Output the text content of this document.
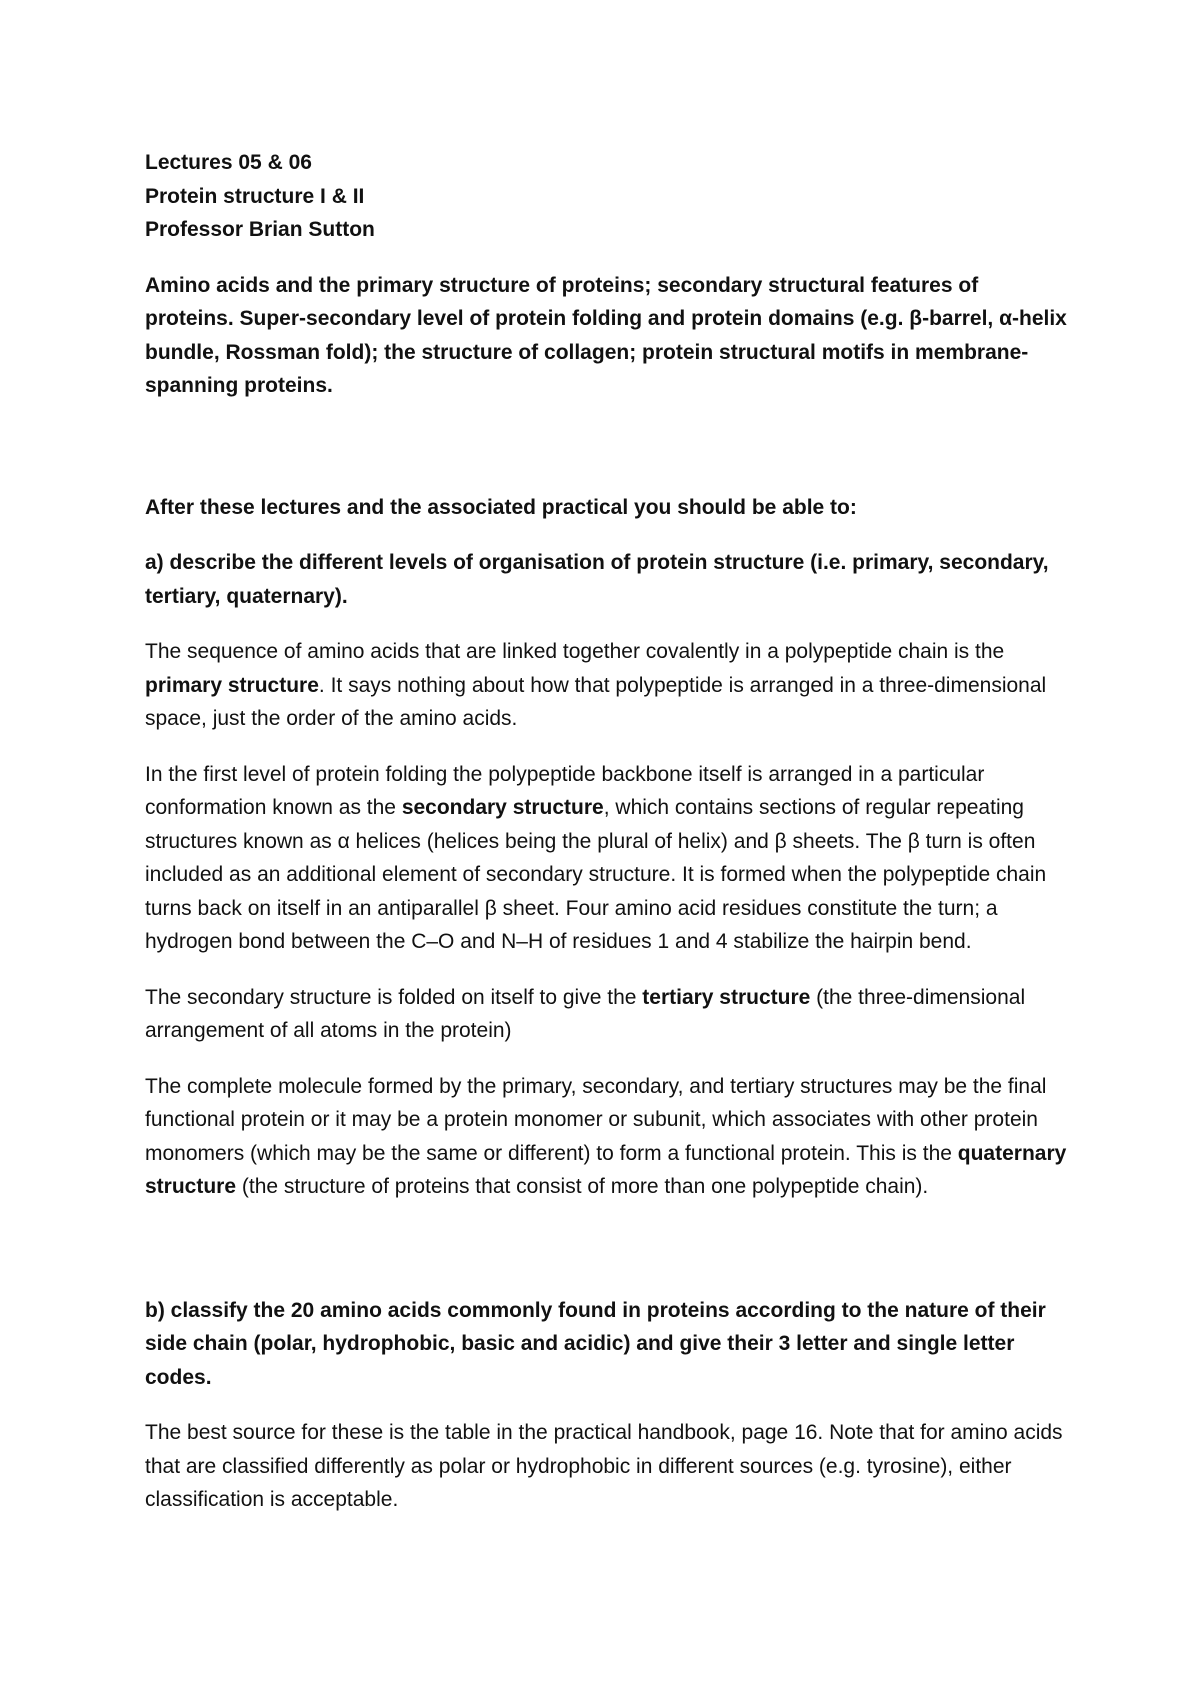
Lectures 05 & 06

Protein structure I & II

Professor Brian Sutton

Amino acids and the primary structure of proteins; secondary structural features of proteins. Super-secondary level of protein folding and protein domains (e.g. β-barrel, α-helix bundle, Rossman fold); the structure of collagen; protein structural motifs in membrane-spanning proteins.

After these lectures and the associated practical you should be able to:

a) describe the different levels of organisation of protein structure (i.e. primary, secondary, tertiary, quaternary).

The sequence of amino acids that are linked together covalently in a polypeptide chain is the primary structure. It says nothing about how that polypeptide is arranged in a three-dimensional space, just the order of the amino acids.

In the first level of protein folding the polypeptide backbone itself is arranged in a particular conformation known as the secondary structure, which contains sections of regular repeating structures known as α helices (helices being the plural of helix) and β sheets. The β turn is often included as an additional element of secondary structure. It is formed when the polypeptide chain turns back on itself in an antiparallel β sheet. Four amino acid residues constitute the turn; a hydrogen bond between the C–O and N–H of residues 1 and 4 stabilize the hairpin bend.

The secondary structure is folded on itself to give the tertiary structure (the three-dimensional arrangement of all atoms in the protein)

The complete molecule formed by the primary, secondary, and tertiary structures may be the final functional protein or it may be a protein monomer or subunit, which associates with other protein monomers (which may be the same or different) to form a functional protein. This is the quaternary structure (the structure of proteins that consist of more than one polypeptide chain).

b) classify the 20 amino acids commonly found in proteins according to the nature of their side chain (polar, hydrophobic, basic and acidic) and give their 3 letter and single letter codes.

The best source for these is the table in the practical handbook, page 16. Note that for amino acids that are classified differently as polar or hydrophobic in different sources (e.g. tyrosine), either classification is acceptable.
